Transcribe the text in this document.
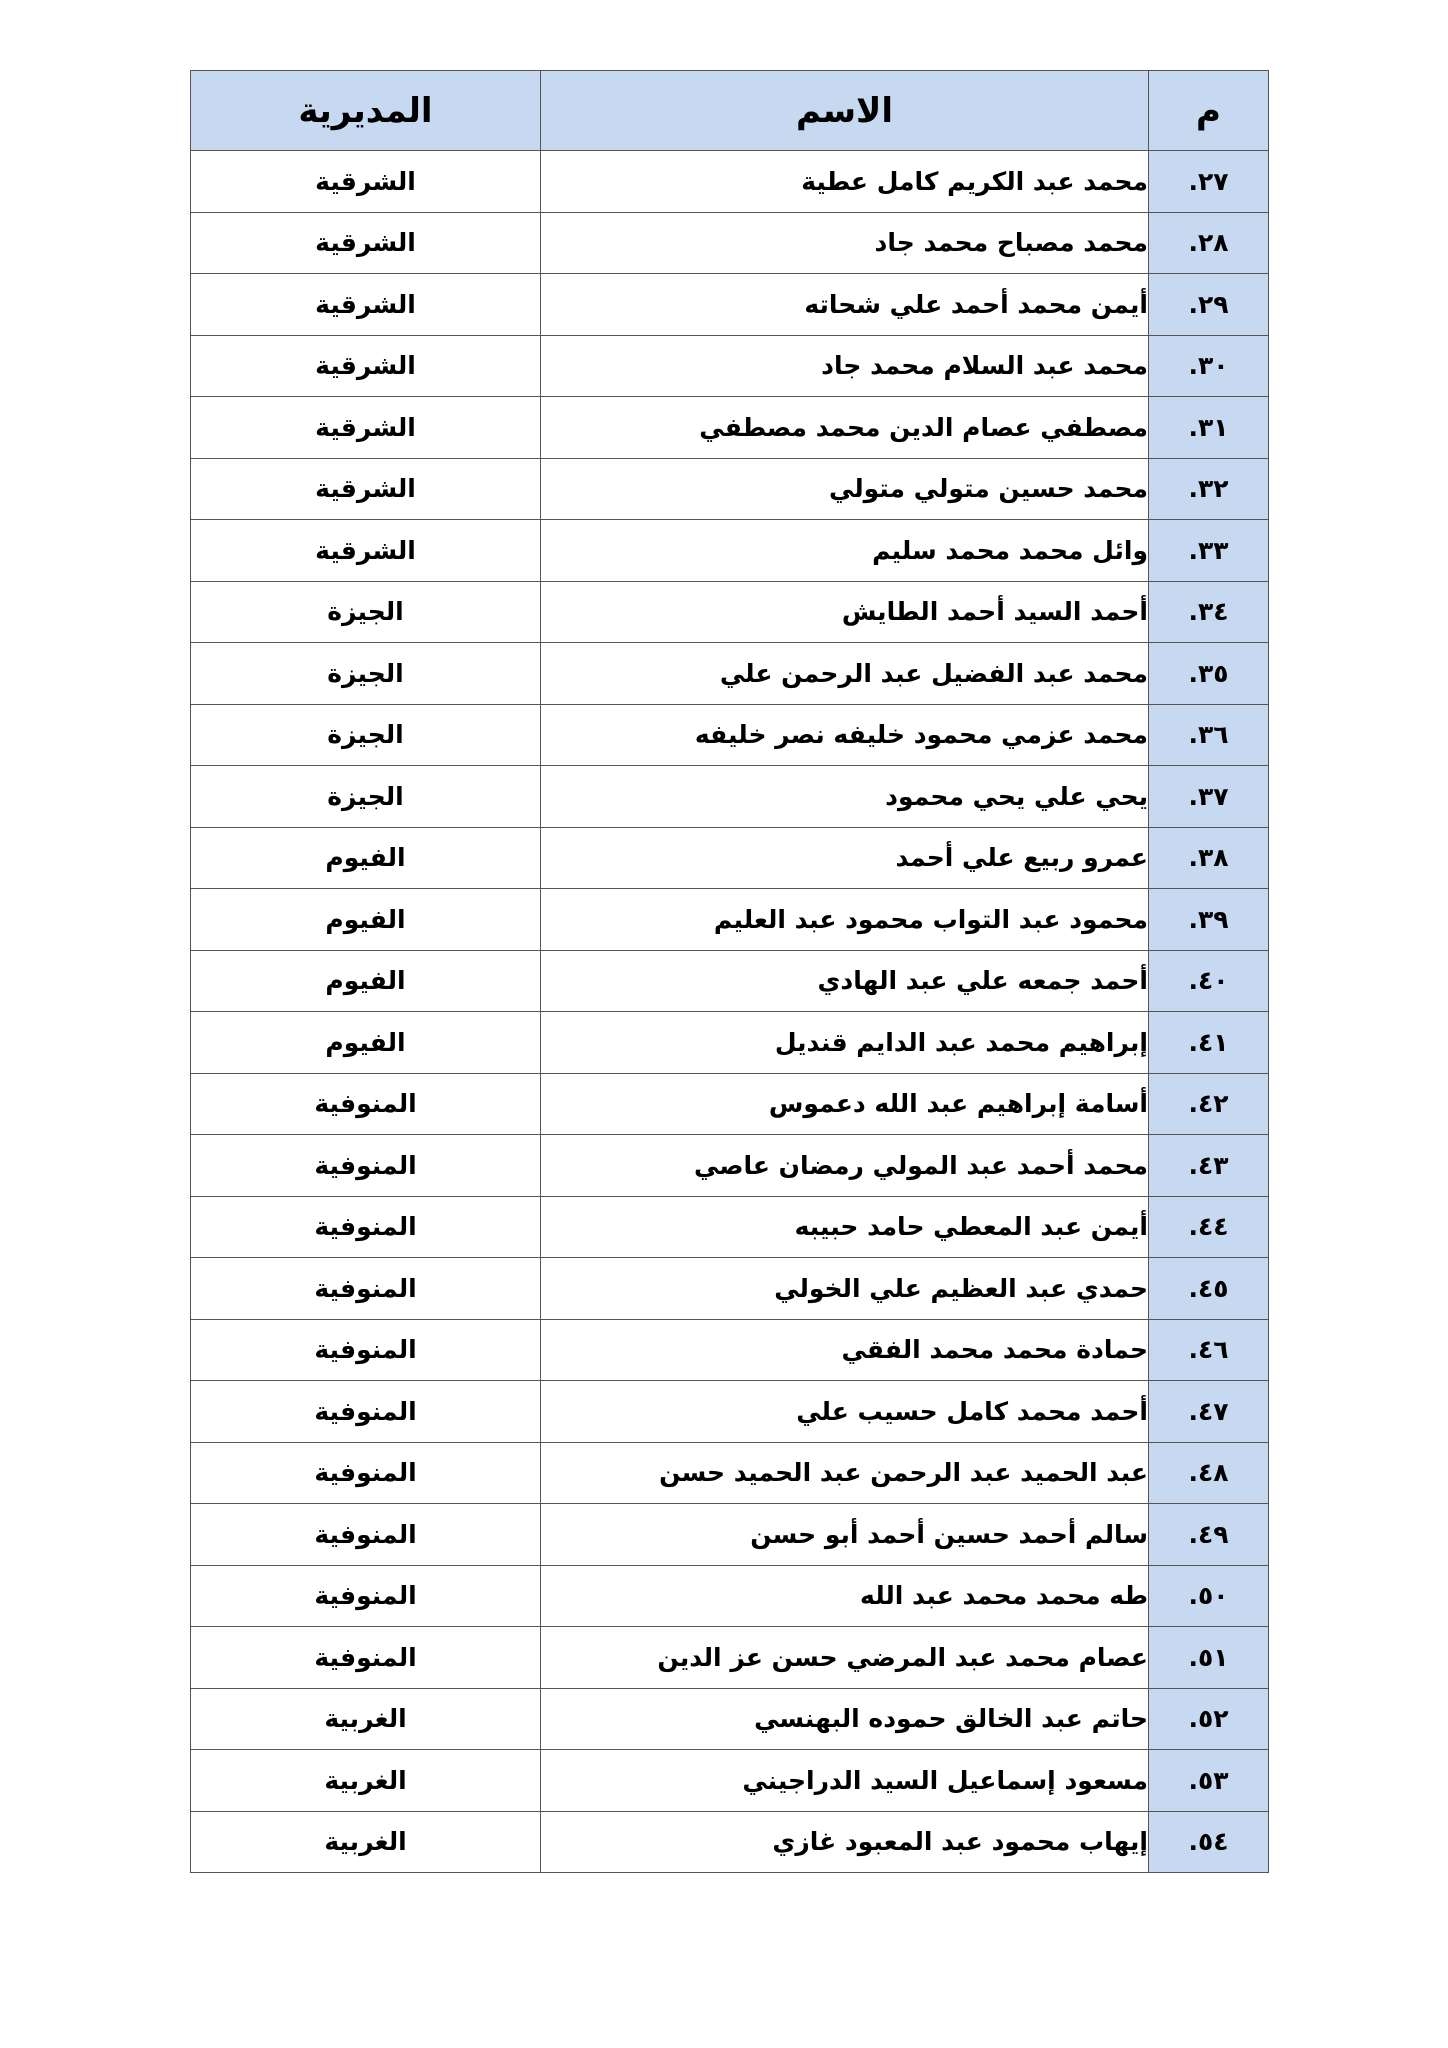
م	الاسم	المديرية
٢٧.	محمد عبد الكريم كامل عطية	الشرقية
٢٨.	محمد مصباح محمد جاد	الشرقية
٢٩.	أيمن محمد أحمد علي شحاته	الشرقية
٣٠.	محمد عبد السلام محمد جاد	الشرقية
٣١.	مصطفي عصام الدين محمد مصطفي	الشرقية
٣٢.	محمد حسين متولي متولي	الشرقية
٣٣.	وائل محمد محمد سليم	الشرقية
٣٤.	أحمد السيد أحمد الطايش	الجيزة
٣٥.	محمد عبد الفضيل عبد الرحمن علي	الجيزة
٣٦.	محمد عزمي محمود خليفه نصر خليفه	الجيزة
٣٧.	يحي علي يحي محمود	الجيزة
٣٨.	عمرو ربيع علي أحمد	الفيوم
٣٩.	محمود عبد التواب محمود عبد العليم	الفيوم
٤٠.	أحمد جمعه علي عبد الهادي	الفيوم
٤١.	إبراهيم محمد عبد الدايم قنديل	الفيوم
٤٢.	أسامة إبراهيم عبد الله دعموس	المنوفية
٤٣.	محمد أحمد عبد المولي رمضان عاصي	المنوفية
٤٤.	أيمن عبد المعطي حامد حبيبه	المنوفية
٤٥.	حمدي عبد العظيم علي الخولي	المنوفية
٤٦.	حمادة محمد محمد الفقي	المنوفية
٤٧.	أحمد محمد كامل حسيب علي	المنوفية
٤٨.	عبد الحميد عبد الرحمن عبد الحميد حسن	المنوفية
٤٩.	سالم أحمد حسين أحمد أبو حسن	المنوفية
٥٠.	طه محمد محمد عبد الله	المنوفية
٥١.	عصام محمد عبد المرضي حسن عز الدين	المنوفية
٥٢.	حاتم عبد الخالق حموده البهنسي	الغربية
٥٣.	مسعود إسماعيل السيد الدراجيني	الغربية
٥٤.	إيهاب محمود عبد المعبود غازي	الغربية
